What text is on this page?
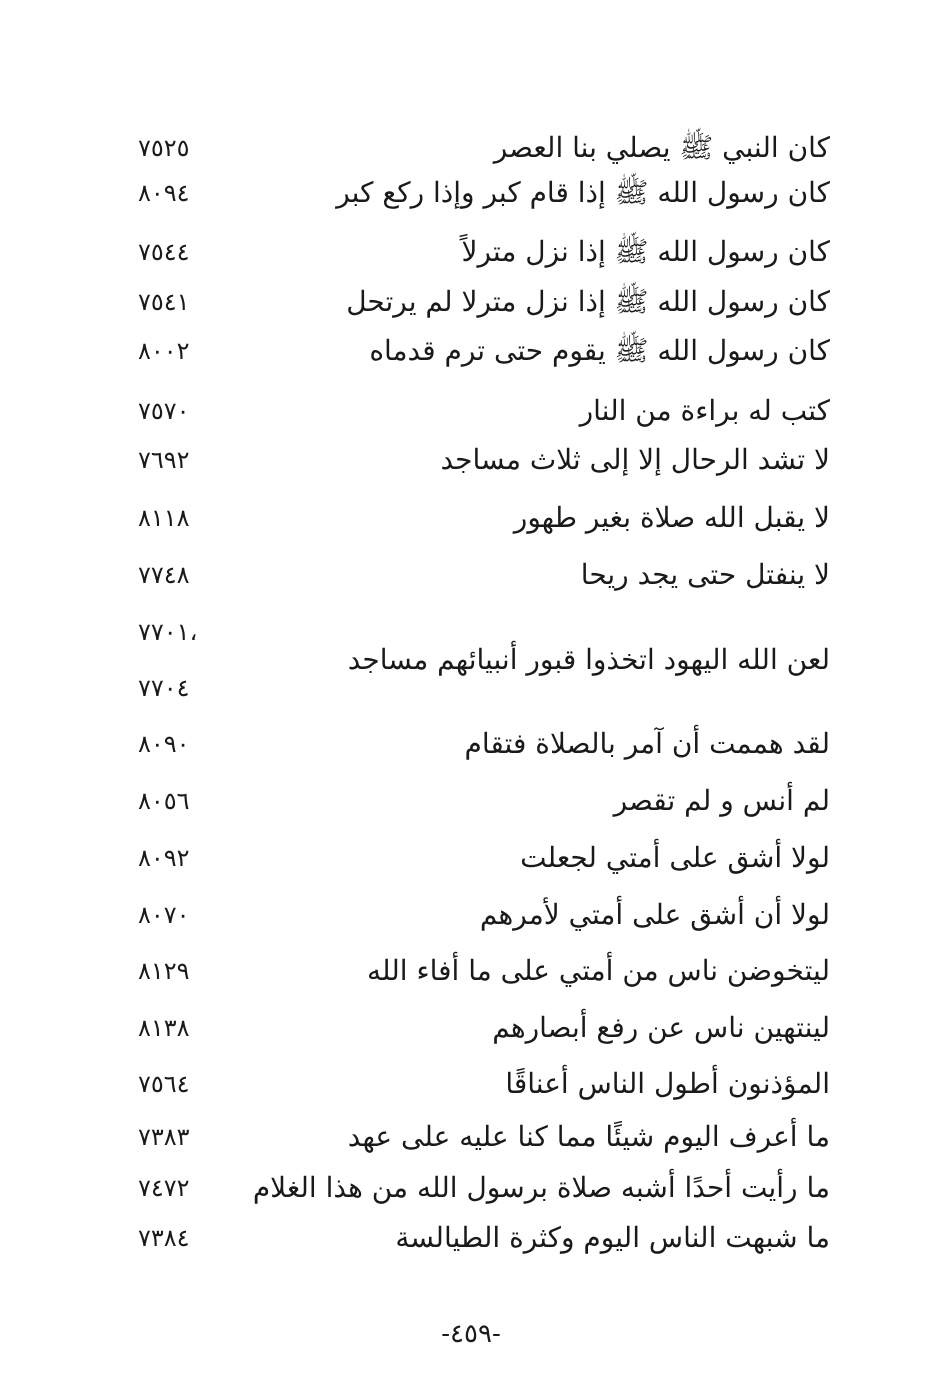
كان النبي ﷺ يصلي بنا العصر
٧٥٢٥
كان رسول الله ﷺ إذا قام كبر وإذا ركع كبر
٨٠٩٤
كان رسول الله ﷺ إذا نزل مترلاً
٧٥٤٤
كان رسول الله ﷺ إذا نزل مترلا لم يرتحل
٧٥٤١
كان رسول الله ﷺ يقوم حتى ترم قدماه
٨٠٠٢
كتب له براءة من النار
٧٥٧٠
لا تشد الرحال إلا إلى ثلاث مساجد
٧٦٩٢
لا يقبل الله صلاة بغير طهور
٨١١٨
لا ينفتل حتى يجد ريحا
٧٧٤٨
٧٧٠١،
لعن الله اليهود اتخذوا قبور أنبيائهم مساجد
٧٧٠٤
لقد هممت أن آمر بالصلاة فتقام
٨٠٩٠
لم أنس و لم تقصر
٨٠٥٦
لولا أشق على أمتي لجعلت
٨٠٩٢
لولا أن أشق على أمتي لأمرهم
٨٠٧٠
ليتخوضن ناس من أمتي على ما أفاء الله
٨١٢٩
لينتهين ناس عن رفع أبصارهم
٨١٣٨
المؤذنون أطول الناس أعناقًا
٧٥٦٤
ما أعرف اليوم شيئًا مما كنا عليه على عهد
٧٣٨٣
ما رأيت أحدًا أشبه صلاة برسول الله من هذا الغلام
٧٤٧٢
ما شبهت الناس اليوم وكثرة الطيالسة
٧٣٨٤
-٤٥٩-
